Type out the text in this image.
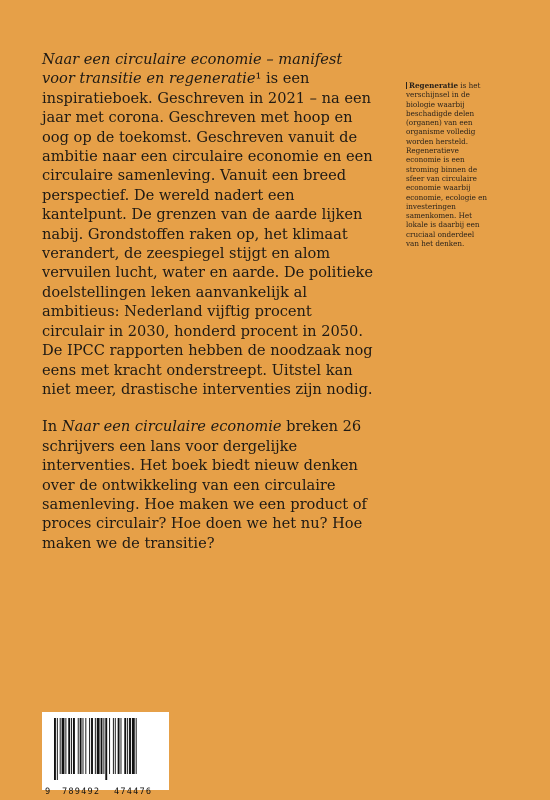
Naar een circulaire economie – manifest voor transitie en regeneratie¹ is een inspiratieboek. Geschreven in 2021 – na een jaar met corona. Geschreven met hoop en oog op de toekomst. Geschreven vanuit de ambitie naar een circulaire economie en een circulaire samenleving. Vanuit een breed perspectief. De wereld nadert een kantelpunt. De grenzen van de aarde lijken nabij. Grondstoffen raken op, het klimaat verandert, de zeespiegel stijgt en alom vervuilen lucht, water en aarde. De politieke doelstellingen leken aanvankelijk al ambitieus: Nederland vijftig procent circulair in 2030, honderd procent in 2050. De IPCC rapporten hebben de noodzaak nog eens met kracht onderstreept. Uitstel kan niet meer, drastische interventies zijn nodig.

In Naar een circulaire economie breken 26 schrijvers een lans voor dergelijke interventies. Het boek biedt nieuw denken over de ontwikkeling van een circulaire samenleving. Hoe maken we een product of proces circulair? Hoe doen we het nu? Hoe maken we de transitie?

Regeneratie is het verschijnsel in de biologie waarbij beschadigde delen (organen) van een organisme volledig worden hersteld.

Regeneratieve economie is een stroming binnen de sfeer van circulaire economie waarbij economie, ecologie en investeringen samenkomen. Het lokale is daarbij een cruciaal onderdeel van het denken.

9 789492 474476
